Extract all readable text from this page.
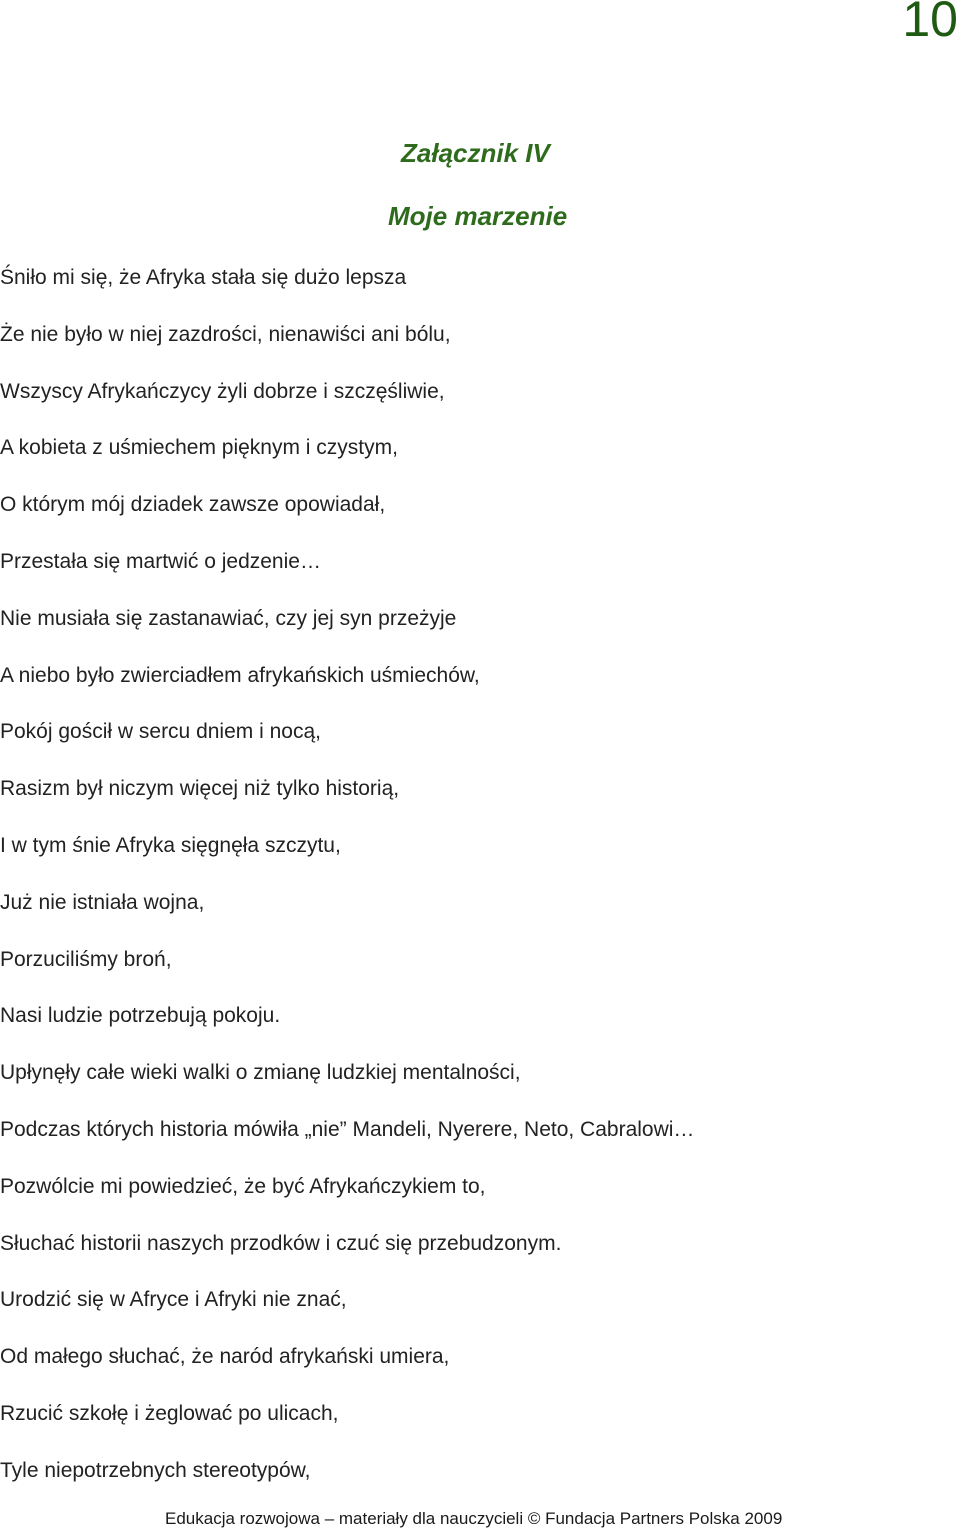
10
Załącznik IV
Moje marzenie
Śniło mi się, że Afryka stała się dużo lepsza
Że nie było w niej zazdrości, nienawiści ani bólu,
Wszyscy Afrykańczycy żyli dobrze i szczęśliwie,
A kobieta z uśmiechem pięknym i czystym,
O którym mój dziadek zawsze opowiadał,
Przestała się martwić o jedzenie…
Nie musiała się zastanawiać, czy jej syn przeżyje
A niebo było zwierciadłem afrykańskich uśmiechów,
Pokój gościł w sercu dniem i nocą,
Rasizm był niczym więcej niż tylko historią,
I w tym śnie Afryka sięgnęła szczytu,
Już nie istniała wojna,
Porzuciliśmy broń,
Nasi ludzie potrzebują pokoju.
Upłynęły całe wieki walki o zmianę ludzkiej mentalności,
Podczas których historia mówiła „nie” Mandeli, Nyerere, Neto, Cabralowi…
Pozwólcie mi powiedzieć, że być Afrykańczykiem to,
Słuchać historii naszych przodków i czuć się przebudzonym.
Urodzić się w Afryce i Afryki nie znać,
Od małego słuchać, że naród afrykański umiera,
Rzucić szkołę i żeglować po ulicach,
Tyle niepotrzebnych stereotypów,
Edukacja rozwojowa – materiały dla nauczycieli © Fundacja Partners Polska 2009
